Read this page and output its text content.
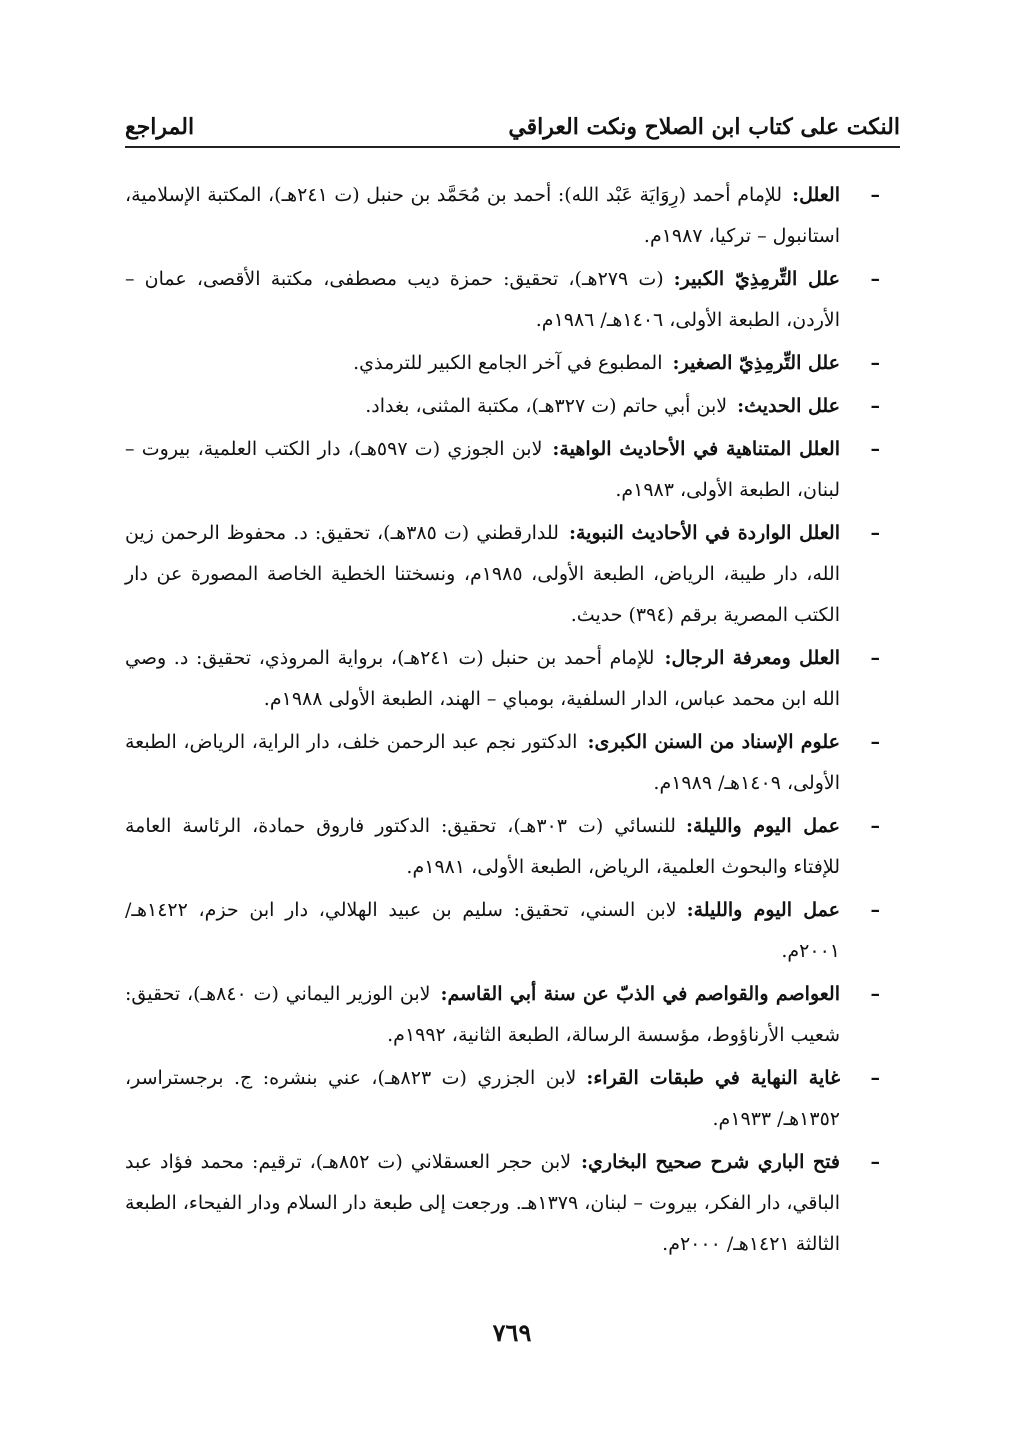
النكت على كتاب ابن الصلاح ونكت العراقي
المراجع
–
العلل:للإمام أحمد (رِوَايَة عَبْد الله): أحمد بن مُحَمَّد بن حنبل (ت ٢٤١هـ)، المكتبة الإسلامية، استانبول – تركيا، ١٩٨٧م.
–
علل التِّرمِذِيّ الكبير:(ت ٢٧٩هـ)، تحقيق: حمزة ديب مصطفى، مكتبة الأقصى، عمان – الأردن، الطبعة الأولى، ١٤٠٦هـ/ ١٩٨٦م.
–
علل التِّرمِذِيّ الصغير:المطبوع في آخر الجامع الكبير للترمذي.
–
علل الحديث:لابن أبي حاتم (ت ٣٢٧هـ)، مكتبة المثنى، بغداد.
–
العلل المتناهية في الأحاديث الواهية:لابن الجوزي (ت ٥٩٧هـ)، دار الكتب العلمية، بيروت – لبنان، الطبعة الأولى، ١٩٨٣م.
–
العلل الواردة في الأحاديث النبوية:للدارقطني (ت ٣٨٥هـ)، تحقيق: د. محفوظ الرحمن زين الله، دار طيبة، الرياض، الطبعة الأولى، ١٩٨٥م، ونسختنا الخطية الخاصة المصورة عن دار الكتب المصرية برقم (٣٩٤) حديث.
–
العلل ومعرفة الرجال:للإمام أحمد بن حنبل (ت ٢٤١هـ)، برواية المروذي، تحقيق: د. وصي الله ابن محمد عباس، الدار السلفية، بومباي – الهند، الطبعة الأولى ١٩٨٨م.
–
علوم الإسناد من السنن الكبرى:الدكتور نجم عبد الرحمن خلف، دار الراية، الرياض، الطبعة الأولى، ١٤٠٩هـ/ ١٩٨٩م.
–
عمل اليوم والليلة:للنسائي (ت ٣٠٣هـ)، تحقيق: الدكتور فاروق حمادة، الرئاسة العامة للإفتاء والبحوث العلمية، الرياض، الطبعة الأولى، ١٩٨١م.
–
عمل اليوم والليلة:لابن السني، تحقيق: سليم بن عبيد الهلالي، دار ابن حزم، ١٤٢٢هـ/ ٢٠٠١م.
–
العواصم والقواصم في الذبّ عن سنة أبي القاسم:لابن الوزير اليماني (ت ٨٤٠هـ)، تحقيق: شعيب الأرناؤوط، مؤسسة الرسالة، الطبعة الثانية، ١٩٩٢م.
–
غاية النهاية في طبقات القراء:لابن الجزري (ت ٨٢٣هـ)، عني بنشره: ج. برجستراسر، ١٣٥٢هـ/ ١٩٣٣م.
–
فتح الباري شرح صحيح البخاري:لابن حجر العسقلاني (ت ٨٥٢هـ)، ترقيم: محمد فؤاد عبد الباقي، دار الفكر، بيروت – لبنان، ١٣٧٩هـ. ورجعت إلى طبعة دار السلام ودار الفيحاء، الطبعة الثالثة ١٤٢١هـ/ ٢٠٠٠م.
٧٦٩
